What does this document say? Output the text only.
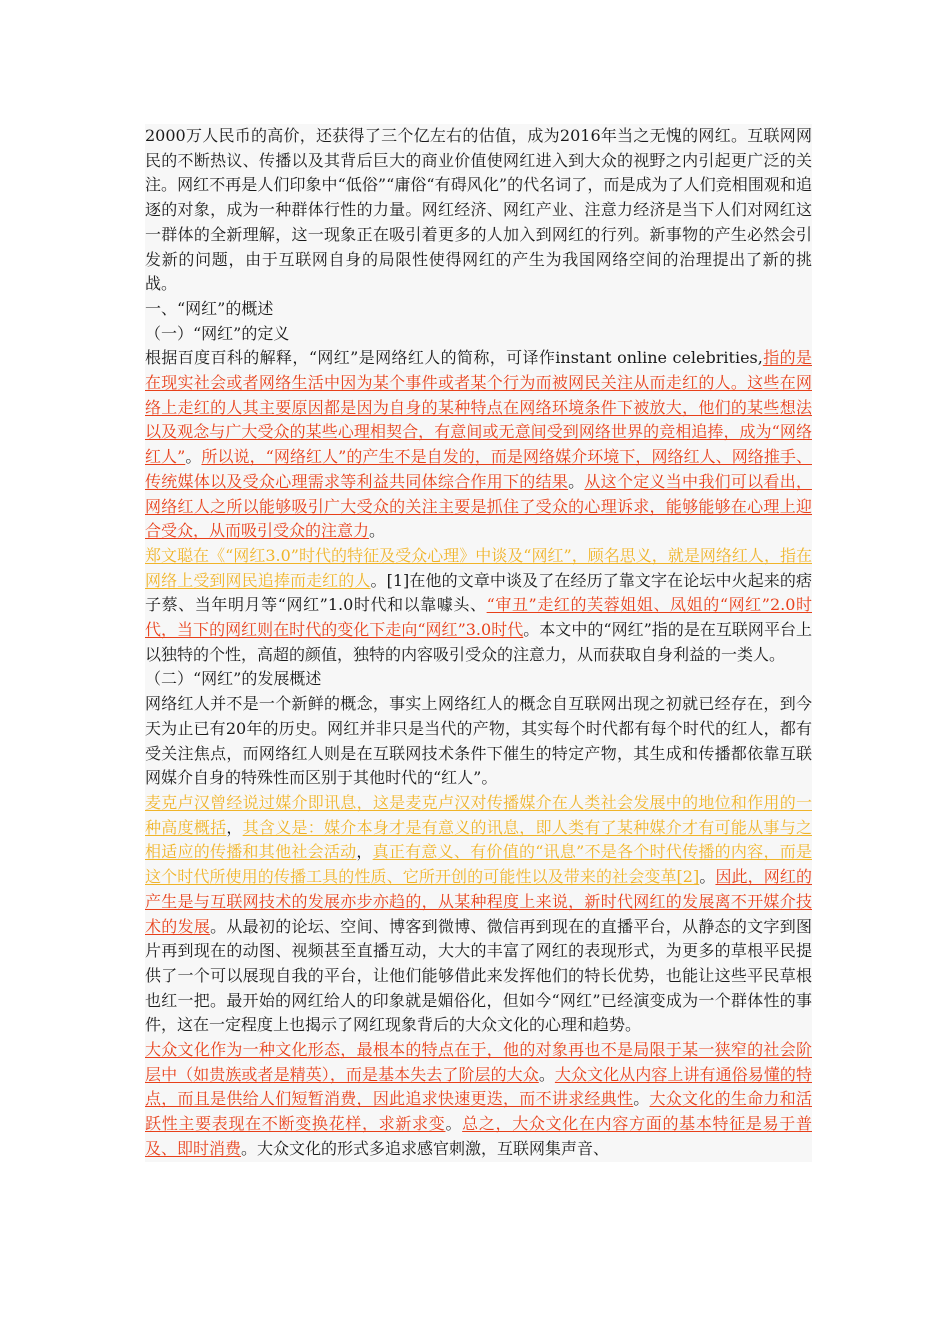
2000万人民币的高价，还获得了三个亿左右的估值，成为2016年当之无愧的网红。互联网网民的不断热议、传播以及其背后巨大的商业价值使网红进入到大众的视野之内引起更广泛的关注。网红不再是人们印象中“低俗”“庸俗“有碍风化”的代名词了，而是成为了人们竞相围观和追逐的对象，成为一种群体行性的力量。网红经济、网红产业、注意力经济是当下人们对网红这一群体的全新理解，这一现象正在吸引着更多的人加入到网红的行列。新事物的产生必然会引发新的问题，由于互联网自身的局限性使得网红的产生为我国网络空间的治理提出了新的挑战。

一、“网红”的概述

（一）“网红”的定义

根据百度百科的解释，“网红”是网络红人的简称，可译作instant online celebrities,指的是在现实社会或者网络生活中因为某个事件或者某个行为而被网民关注从而走红的人。这些在网络上走红的人其主要原因都是因为自身的某种特点在网络环境条件下被放大，他们的某些想法以及观念与广大受众的某些心理相契合，有意间或无意间受到网络世界的竞相追捧，成为“网络红人”。所以说，“网络红人”的产生不是自发的，而是网络媒介环境下，网络红人、网络推手、传统媒体以及受众心理需求等利益共同体综合作用下的结果。从这个定义当中我们可以看出，网络红人之所以能够吸引广大受众的关注主要是抓住了受众的心理诉求，能够能够在心理上迎合受众，从而吸引受众的注意力。

郑文聪在《“网红3.0”时代的特征及受众心理》中谈及“网红”，顾名思义，就是网络红人，指在网络上受到网民追捧而走红的人。[1]在他的文章中谈及了在经历了靠文字在论坛中火起来的痞子蔡、当年明月等“网红”1.0时代和以靠噱头、“审丑”走红的芙蓉姐姐、凤姐的“网红”2.0时代，当下的网红则在时代的变化下走向“网红”3.0时代。本文中的“网红”指的是在互联网平台上以独特的个性，高超的颜值，独特的内容吸引受众的注意力，从而获取自身利益的一类人。

（二）“网红”的发展概述

网络红人并不是一个新鲜的概念，事实上网络红人的概念自互联网出现之初就已经存在，到今天为止已有20年的历史。网红并非只是当代的产物，其实每个时代都有每个时代的红人，都有受关注焦点，而网络红人则是在互联网技术条件下催生的特定产物，其生成和传播都依靠互联网媒介自身的特殊性而区别于其他时代的“红人”。

麦克卢汉曾经说过媒介即讯息，这是麦克卢汉对传播媒介在人类社会发展中的地位和作用的一种高度概括，其含义是：媒介本身才是有意义的讯息，即人类有了某种媒介才有可能从事与之相适应的传播和其他社会活动，真正有意义、有价值的“讯息”不是各个时代传播的内容，而是这个时代所使用的传播工具的性质、它所开创的可能性以及带来的社会变革[2]。因此，网红的产生是与互联网技术的发展亦步亦趋的，从某种程度上来说，新时代网红的发展离不开媒介技术的发展。从最初的论坛、空间、博客到微博、微信再到现在的直播平台，从静态的文字到图片再到现在的动图、视频甚至直播互动，大大的丰富了网红的表现形式，为更多的草根平民提供了一个可以展现自我的平台，让他们能够借此来发挥他们的特长优势，也能让这些平民草根也红一把。最开始的网红给人的印象就是媚俗化，但如今“网红”已经演变成为一个群体性的事件，这在一定程度上也揭示了网红现象背后的大众文化的心理和趋势。

大众文化作为一种文化形态，最根本的特点在于，他的对象再也不是局限于某一狭窄的社会阶层中（如贵族或者是精英），而是基本失去了阶层的大众。大众文化从内容上讲有通俗易懂的特点，而且是供给人们短暂消费，因此追求快速更迭，而不讲求经典性。大众文化的生命力和活跃性主要表现在不断变换花样，求新求变。总之，大众文化在内容方面的基本特征是易于普及、即时消费。大众文化的形式多追求感官刺激，互联网集声音、
